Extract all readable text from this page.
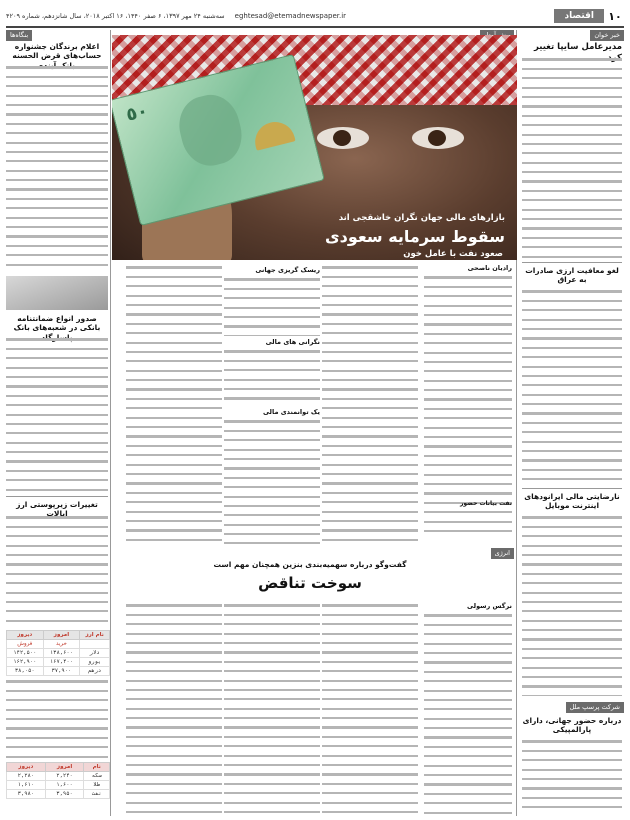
۱۰
اقتصاد
eghtesad@etemadnewspaper.ir
سه‌شنبه ۲۴ مهر ۱۳۹۷، ۶ صفر ۱۴۴۰، ۱۶ اکتبر ۲۰۱۸، سال شانزدهم، شماره ۴۲۰۹
خبر خوان
مدیرعامل سایپا تغییر کرد
لغو معافیت ارزی صادرات به عراق
نارضایتی مالی ایرانودهای اینترنت موبایل
شرکت پرسپ ملل
درباره حضور جهانی، دارای پارالمپیکی
٥٠
بازارهای مالی جهان نگران خاشقجی اند
سقوط سرمایه سعودی
صعود نفت با عامل خون
رادیان ناصحی
نفت بیانات حضور
ریسک گریزی جهانی
نگرانی های مالی
یک توانمندی مالی
انرژی
گفت‌وگو درباره سهمیه‌بندی بنزین همچنان مهم است
سوخت تناقض
نرگس رسولی
بنگاه‌ها
اعلام برندگان جشنواره حساب‌های قرض الحسنه بانک آینده
صدور انواع ضمانتنامه بانکی در شعبه‌های بانک پاسارگاد
تغییرات زیرپوستی ارز ایالات
نام ارز	امروز	دیروز
	خرید	فروش
دلار	۱۳۸,۶۰۰	۱۴۲,۵۰۰
یورو	۱۶۷,۴۰۰	۱۶۲,۹۰۰
درهم	۳۷,۹۰۰	۳۸,۰۵۰
نام	امروز	دیروز
سکه	۲,۲۴۰	۲,۲۸۰
طلا	۱,۶۰۰	۱,۶۱۰
نفت	۳,۹۵۰	۳,۹۸۰
